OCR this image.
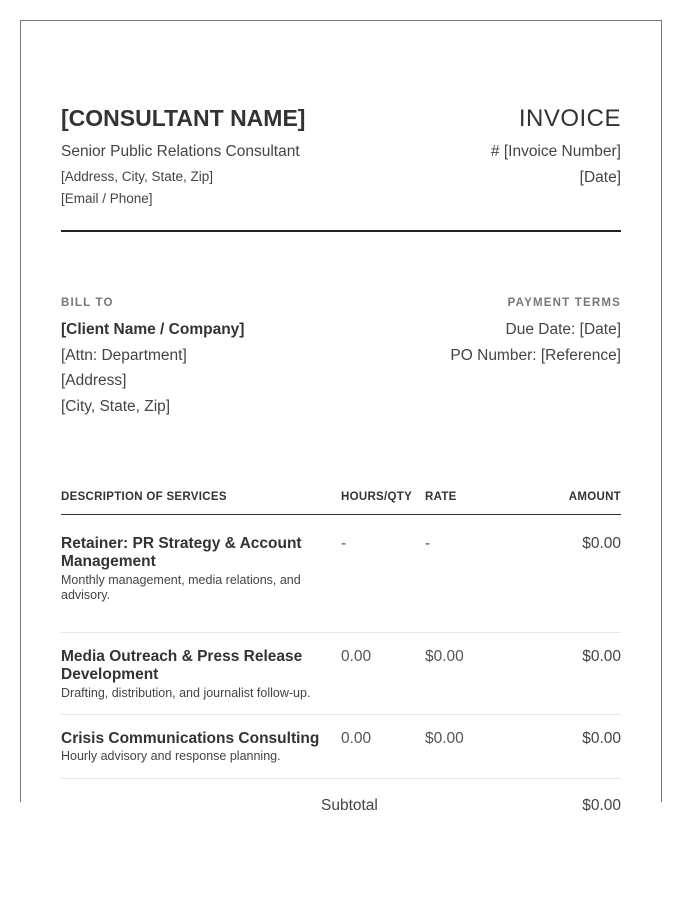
[CONSULTANT NAME]
Senior Public Relations Consultant
[Address, City, State, Zip]
[Email / Phone]
INVOICE
# [Invoice Number]
[Date]
BILL TO
[Client Name / Company]
[Attn: Department]
[Address]
[City, State, Zip]
PAYMENT TERMS
Due Date: [Date]
PO Number: [Reference]
DESCRIPTION OF SERVICES	HOURS/QTY RATE	AMOUNT
Retainer: PR Strategy & Account Management
Monthly management, media relations, and advisory.
-	-	$0.00
Media Outreach & Press Release Development
Drafting, distribution, and journalist follow-up.
0.00	$0.00	$0.00
Crisis Communications Consulting
Hourly advisory and response planning.
0.00	$0.00	$0.00
Subtotal	$0.00
